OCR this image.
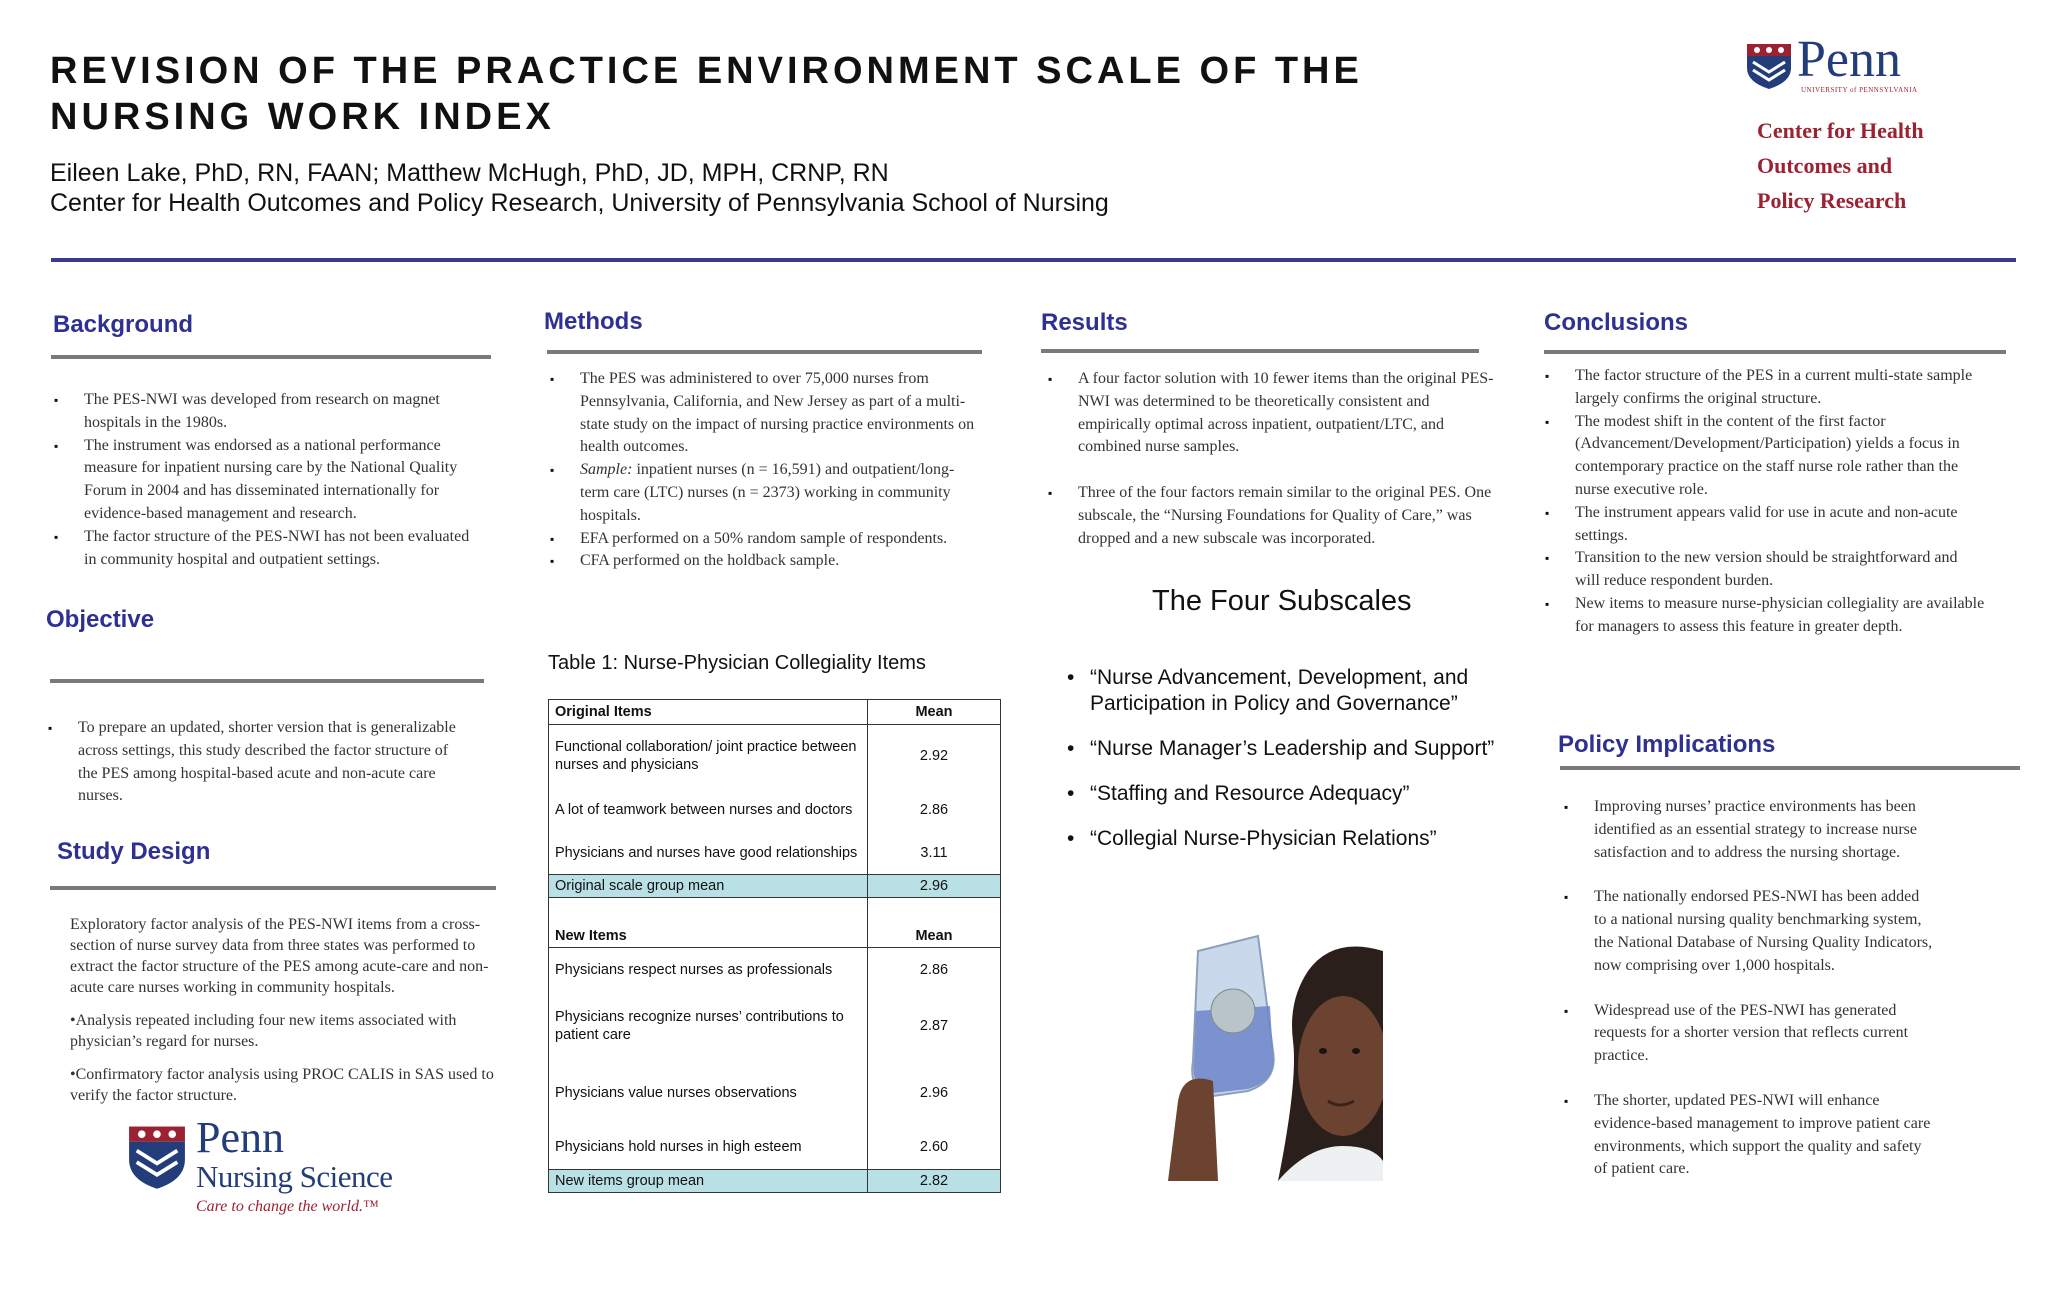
REVISION OF THE PRACTICE ENVIRONMENT SCALE OF THE NURSING WORK INDEX
Eileen Lake, PhD, RN, FAAN; Matthew McHugh, PhD, JD, MPH, CRNP, RN
Center for Health Outcomes and Policy Research, University of Pennsylvania School of Nursing
Penn
UNIVERSITY of PENNSYLVANIA
Center for Health
Outcomes and
Policy Research
Background
▪ The PES-NWI was developed from research on magnet hospitals in the 1980s.
▪ The instrument was endorsed as a national performance measure for inpatient nursing care by the National Quality Forum in 2004 and has disseminated internationally for evidence-based management and research.
▪ The factor structure of the PES-NWI has not been evaluated in community hospital and outpatient settings.
Objective
▪ To prepare an updated, shorter version that is generalizable across settings, this study described the factor structure of the PES among hospital-based acute and non-acute care nurses.
Study Design

Exploratory factor analysis of the PES-NWI items from a cross-section of nurse survey data from three states was performed to extract the factor structure of the PES among acute-care and non-acute care nurses working in community hospitals.

•Analysis repeated including four new items associated with physician’s regard for nurses.

•Confirmatory factor analysis using PROC CALIS in SAS used to verify the factor structure.

Penn
Nursing Science
Care to change the world.™
Methods
▪ The PES was administered to over 75,000 nurses from Pennsylvania, California, and New Jersey as part of a multi-state study on the impact of nursing practice environments on health outcomes.
▪ Sample: inpatient nurses (n = 16,591) and outpatient/long-term care (LTC) nurses (n = 2373) working in community hospitals.
▪ EFA performed on a 50% random sample of respondents.
▪ CFA performed on the holdback sample.
Table 1: Nurse-Physician Collegiality Items
Original Items	Mean
Functional collaboration/ joint practice between nurses and physicians	2.92
A lot of teamwork between nurses and doctors	2.86
Physicians and nurses have good relationships	3.11
Original scale group mean	2.96
New Items	Mean
Physicians respect nurses as professionals	2.86
Physicians recognize nurses’ contributions to patient care	2.87
Physicians value nurses observations	2.96
Physicians hold nurses in high esteem	2.60
New items group mean	2.82
Results
▪ A four factor solution with 10 fewer items than the original PES-NWI was determined to be theoretically consistent and empirically optimal across inpatient, outpatient/LTC, and combined nurse samples.
▪ Three of the four factors remain similar to the original PES. One subscale, the “Nursing Foundations for Quality of Care,” was dropped and a new subscale was incorporated.
The Four Subscales
• “Nurse Advancement, Development, and Participation in Policy and Governance”
• “Nurse Manager’s Leadership and Support”
• “Staffing and Resource Adequacy”
• “Collegial Nurse-Physician Relations”
Conclusions
▪ The factor structure of the PES in a current multi-state sample largely confirms the original structure.
▪ The modest shift in the content of the first factor (Advancement/Development/Participation) yields a focus in contemporary practice on the staff nurse role rather than the nurse executive role.
▪ The instrument appears valid for use in acute and non-acute settings.
▪ Transition to the new version should be straightforward and will reduce respondent burden.
▪ New items to measure nurse-physician collegiality are available for managers to assess this feature in greater depth.
Policy Implications
▪ Improving nurses’ practice environments has been identified as an essential strategy to increase nurse satisfaction and to address the nursing shortage.
▪ The nationally endorsed PES-NWI has been added to a national nursing quality benchmarking system, the National Database of Nursing Quality Indicators, now comprising over 1,000 hospitals.
▪ Widespread use of the PES-NWI has generated requests for a shorter version that reflects current practice.
▪ The shorter, updated PES-NWI will enhance evidence-based management to improve patient care environments, which support the quality and safety of patient care.
